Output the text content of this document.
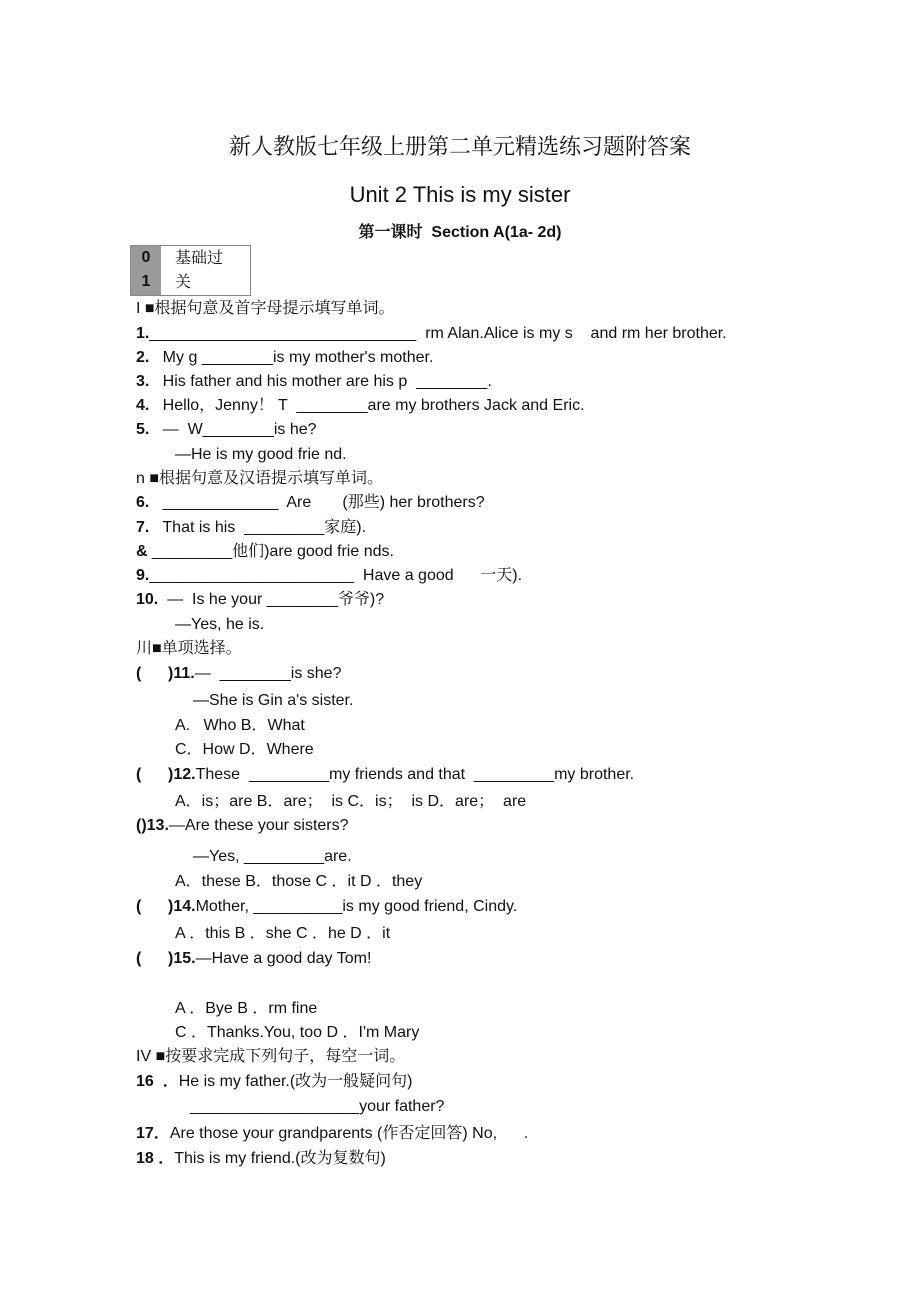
新人教版七年级上册第二单元精选练习题附答案
Unit 2 This is my sister
第一课时  Section A(1a- 2d)
0
1
基础过
关
I ■根据句意及首字母提示填写单词。
1.______________________________  rm Alan.Alice is my s    and rm her brother.
2.   My g ________is my mother's mother.
3.   His father and his mother are his p  ________.
4.   Hello，Jenny！ T  ________are my brothers Jack and Eric.
5.   —  W________is he?
—He is my good frie nd.
n ■根据句意及汉语提示填写单词。
6.   _____________  Are       (那些) her brothers?
7.   That is his  _________家庭).
& _________他们)are good frie nds.
9._______________________  Have a good      一天).
10.  —  Is he your ________爷爷)?
—Yes, he is.
川■单项选择。
(      )11.—  ________is she?
—She is Gin a's sister.
A.   Who B．What
C．How D．Where
(      )12.These  _________my friends and that  _________my brother.
A．is；are B．are；  is C．is；  is D．are；  are
()13.—Are these your sisters?
—Yes, _________are.
A．these B．those C ．it D ．they
(      )14.Mother, __________is my good friend, Cindy.
A ．this B ．she C ．he D ．it
(      )15.—Have a good day Tom!
A ．Bye B ．rm fine
C ．Thanks.You, too D ．I'm Mary
IV ■按要求完成下列句子，每空一词。
16  ．He is my father.(改为一般疑问句)
___________________your father?
17．Are those your grandparents (作否定回答) No,      .
18 ．This is my friend.(改为复数句)
